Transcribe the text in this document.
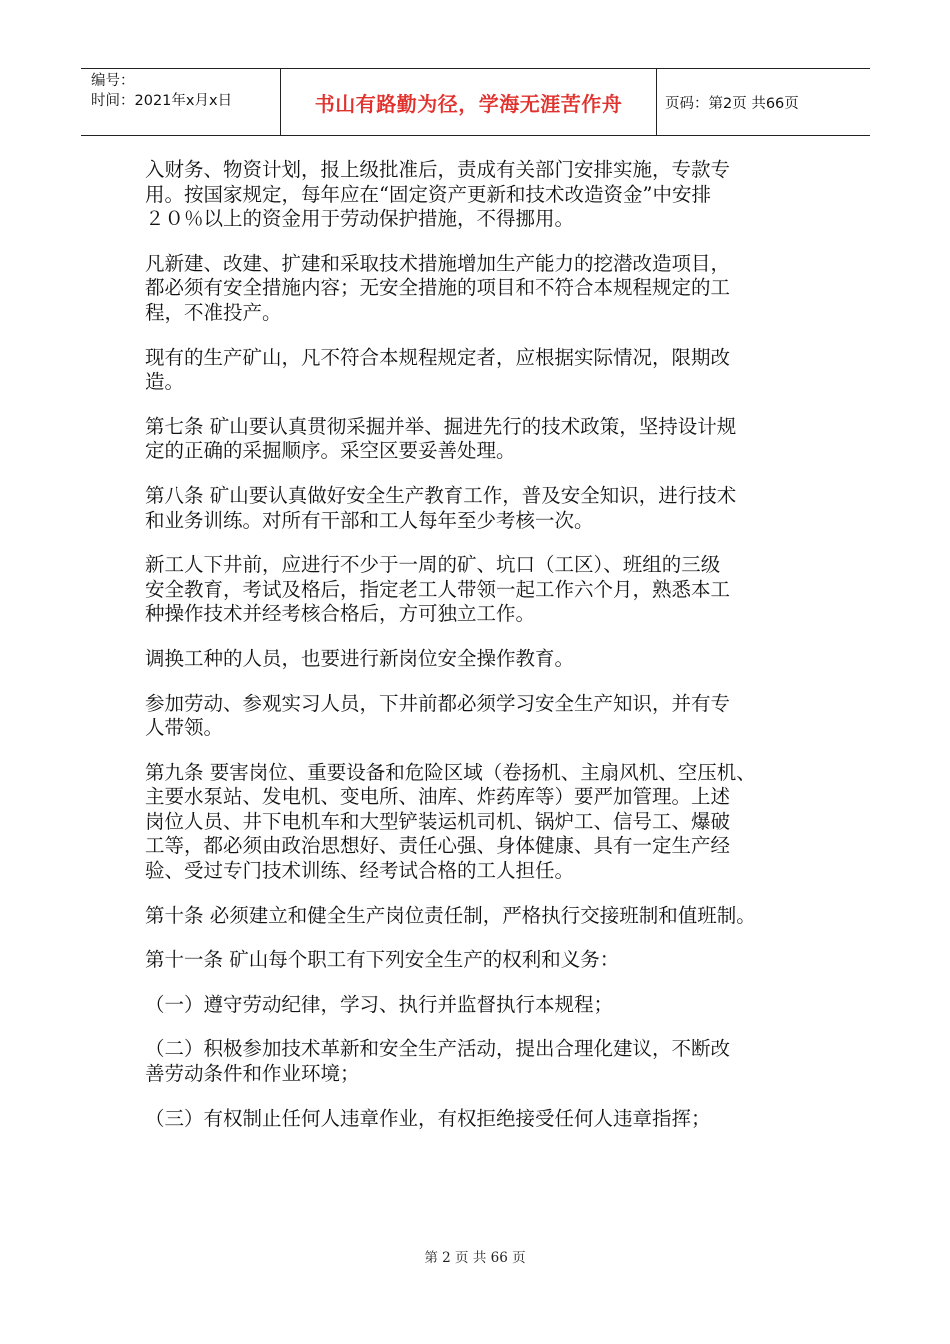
编号：
时间：2021年x月x日	书山有路勤为径，学海无涯苦作舟	页码：第2页 共66页

入财务、物资计划，报上级批准后，责成有关部门安排实施，专款专
用。按国家规定，每年应在“固定资产更新和技术改造资金”中安排
２０％以上的资金用于劳动保护措施，不得挪用。

凡新建、改建、扩建和采取技术措施增加生产能力的挖潜改造项目，
都必须有安全措施内容；无安全措施的项目和不符合本规程规定的工
程，不准投产。

现有的生产矿山，凡不符合本规程规定者，应根据实际情况，限期改
造。

第七条 矿山要认真贯彻采掘并举、掘进先行的技术政策，坚持设计规
定的正确的采掘顺序。采空区要妥善处理。

第八条 矿山要认真做好安全生产教育工作，普及安全知识，进行技术
和业务训练。对所有干部和工人每年至少考核一次。

新工人下井前，应进行不少于一周的矿、坑口（工区）、班组的三级
安全教育，考试及格后，指定老工人带领一起工作六个月，熟悉本工
种操作技术并经考核合格后，方可独立工作。

调换工种的人员，也要进行新岗位安全操作教育。

参加劳动、参观实习人员，下井前都必须学习安全生产知识，并有专
人带领。

第九条 要害岗位、重要设备和危险区域（卷扬机、主扇风机、空压机、
主要水泵站、发电机、变电所、油库、炸药库等）要严加管理。上述
岗位人员、井下电机车和大型铲装运机司机、锅炉工、信号工、爆破
工等，都必须由政治思想好、责任心强、身体健康、具有一定生产经
验、受过专门技术训练、经考试合格的工人担任。

第十条 必须建立和健全生产岗位责任制，严格执行交接班制和值班制。

第十一条 矿山每个职工有下列安全生产的权利和义务：

（一）遵守劳动纪律，学习、执行并监督执行本规程；

（二）积极参加技术革新和安全生产活动，提出合理化建议，不断改
善劳动条件和作业环境；

（三）有权制止任何人违章作业，有权拒绝接受任何人违章指挥；

第 2 页 共 66 页
